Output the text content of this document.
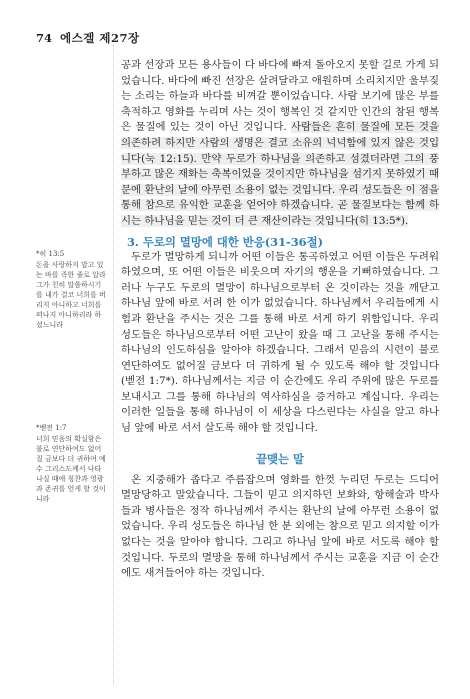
74 에스겔 제27장
*히 13:5
돈을 사랑하지 말고 있는 바를 족한 줄로 알라 그가 친히 말씀하시기를 내가 결코 너희를 버리지 아니하고 너희를 떠나지 아니하리라 하셨느니라
*벧전 1:7
너희 믿음의 확실함은 불로 연단하여도 없어질 금보다 더 귀하여 예수 그리스도께서 나타나실 때에 칭찬과 영광과 존귀를 얻게 할 것이니라

공과 선장과 모든 용사들이 다 바다에 빠져 돌아오지 못할 길로 가게 되었습니다. 바다에 빠진 선장은 살려달라고 애원하며 소리치지만 울부짖는 소리는 하늘과 바다를 비껴갈 뿐이었습니다. 사람 보기에 많은 부를 축적하고 영화를 누리며 사는 것이 행복인 것 같지만 인간의 참된 행복은 물질에 있는 것이 아닌 것입니다. 사람들은 흔히 물질에 모든 것을 의존하려 하지만 사람의 생명은 결코 소유의 넉넉함에 있지 않은 것입니다(눅 12:15). 만약 두로가 하나님을 의존하고 섬겼더라면 그의 풍부하고 많은 재화는 축복이었을 것이지만 하나님을 섬기지 못하였기 때문에 환난의 날에 아무런 소용이 없는 것입니다. 우리 성도들은 이 점을 통해 참으로 유익한 교훈을 얻어야 하겠습니다. 곧 물질보다는 함께 하시는 하나님을 믿는 것이 더 큰 재산이라는 것입니다(히 13:5*).

3. 두로의 멸망에 대한 반응(31-36절)

두로가 멸망하게 되니까 어떤 이들은 통곡하였고 어떤 이들은 두려워하였으며, 또 어떤 이들은 비웃으며 자기의 행운을 기뻐하였습니다. 그러나 누구도 두로의 멸망이 하나님으로부터 온 것이라는 것을 깨닫고 하나님 앞에 바로 서려 한 이가 없었습니다. 하나님께서 우리들에게 시험과 환난을 주시는 것은 그를 통해 바로 서게 하기 위함입니다. 우리 성도들은 하나님으로부터 어떤 고난이 왔을 때 그 고난을 통해 주시는 하나님의 인도하심을 알아야 하겠습니다. 그래서 믿음의 시련이 불로 연단하여도 없어질 금보다 더 귀하게 될 수 있도록 해야 할 것입니다(벧전 1:7*). 하나님께서는 지금 이 순간에도 우리 주위에 많은 두로를 보내시고 그를 통해 하나님의 역사하심을 증거하고 계십니다. 우리는 이러한 일들을 통해 하나님이 이 세상을 다스린다는 사실을 알고 하나님 앞에 바로 서서 살도록 해야 할 것입니다.

끝맺는 말

온 지중해가 좁다고 주름잡으며 영화를 한껏 누리던 두로는 드디어 멸망당하고 말았습니다. 그들이 믿고 의지하던 보화와, 항해술과 박사들과 병사들은 정작 하나님께서 주시는 환난의 날에 아무런 소용이 없었습니다. 우리 성도들은 하나님 한 분 외에는 참으로 믿고 의지할 이가 없다는 것을 알아야 합니다. 그리고 하나님 앞에 바로 서도록 해야 할 것입니다. 두로의 멸망을 통해 하나님께서 주시는 교훈을 지금 이 순간에도 새겨들어야 하는 것입니다.
